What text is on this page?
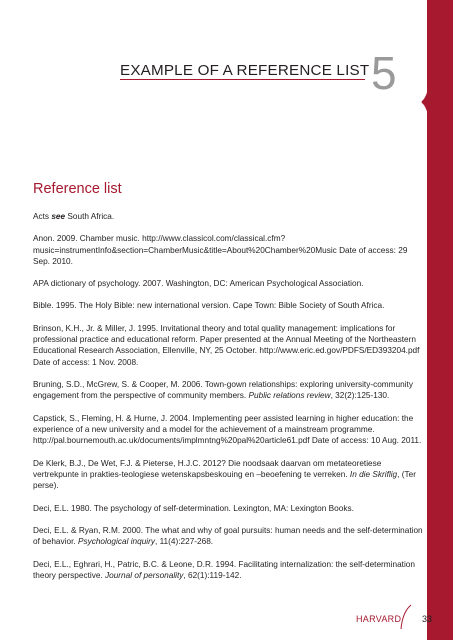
EXAMPLE OF A REFERENCE LIST 5
Reference list

Acts see South Africa.

Anon. 2009. Chamber music. http://www.classicol.com/classical.cfm?music=instrumentInfo&section=ChamberMusic&title=About%20Chamber%20Music Date of access: 29 Sep. 2010.

APA dictionary of psychology. 2007. Washington, DC: American Psychological Association.

Bible. 1995. The Holy Bible: new international version. Cape Town: Bible Society of South Africa.

Brinson, K.H., Jr. & Miller, J. 1995. Invitational theory and total quality management: implications for professional practice and educational reform. Paper presented at the Annual Meeting of the Northeastern Educational Research Association, Ellenville, NY, 25 October. http://www.eric.ed.gov/PDFS/ED393204.pdf Date of access: 1 Nov. 2008.

Bruning, S.D., McGrew, S. & Cooper, M. 2006. Town-gown relationships: exploring university-community engagement from the perspective of community members. Public relations review, 32(2):125-130.

Capstick, S., Fleming, H. & Hurne, J. 2004. Implementing peer assisted learning in higher education: the experience of a new university and a model for the achievement of a mainstream programme. http://pal.bournemouth.ac.uk/documents/implmntng%20pal%20article61.pdf Date of access: 10 Aug. 2011.

De Klerk, B.J., De Wet, F.J. & Pieterse, H.J.C. 2012? Die noodsaak daarvan om metateoretiese vertrekpunte in prakties-teologiese wetenskapsbeskouing en –beoefening te verreken. In die Skriflig, (Ter perse).

Deci, E.L. 1980. The psychology of self-determination. Lexington, MA: Lexington Books.

Deci, E.L. & Ryan, R.M. 2000. The what and why of goal pursuits: human needs and the self-determination of behavior. Psychological inquiry, 11(4):227-268.

Deci, E.L., Eghrari, H., Patric, B.C. & Leone, D.R. 1994. Facilitating internalization: the self-determination theory perspective. Journal of personality, 62(1):119-142.

HARVARD 33
